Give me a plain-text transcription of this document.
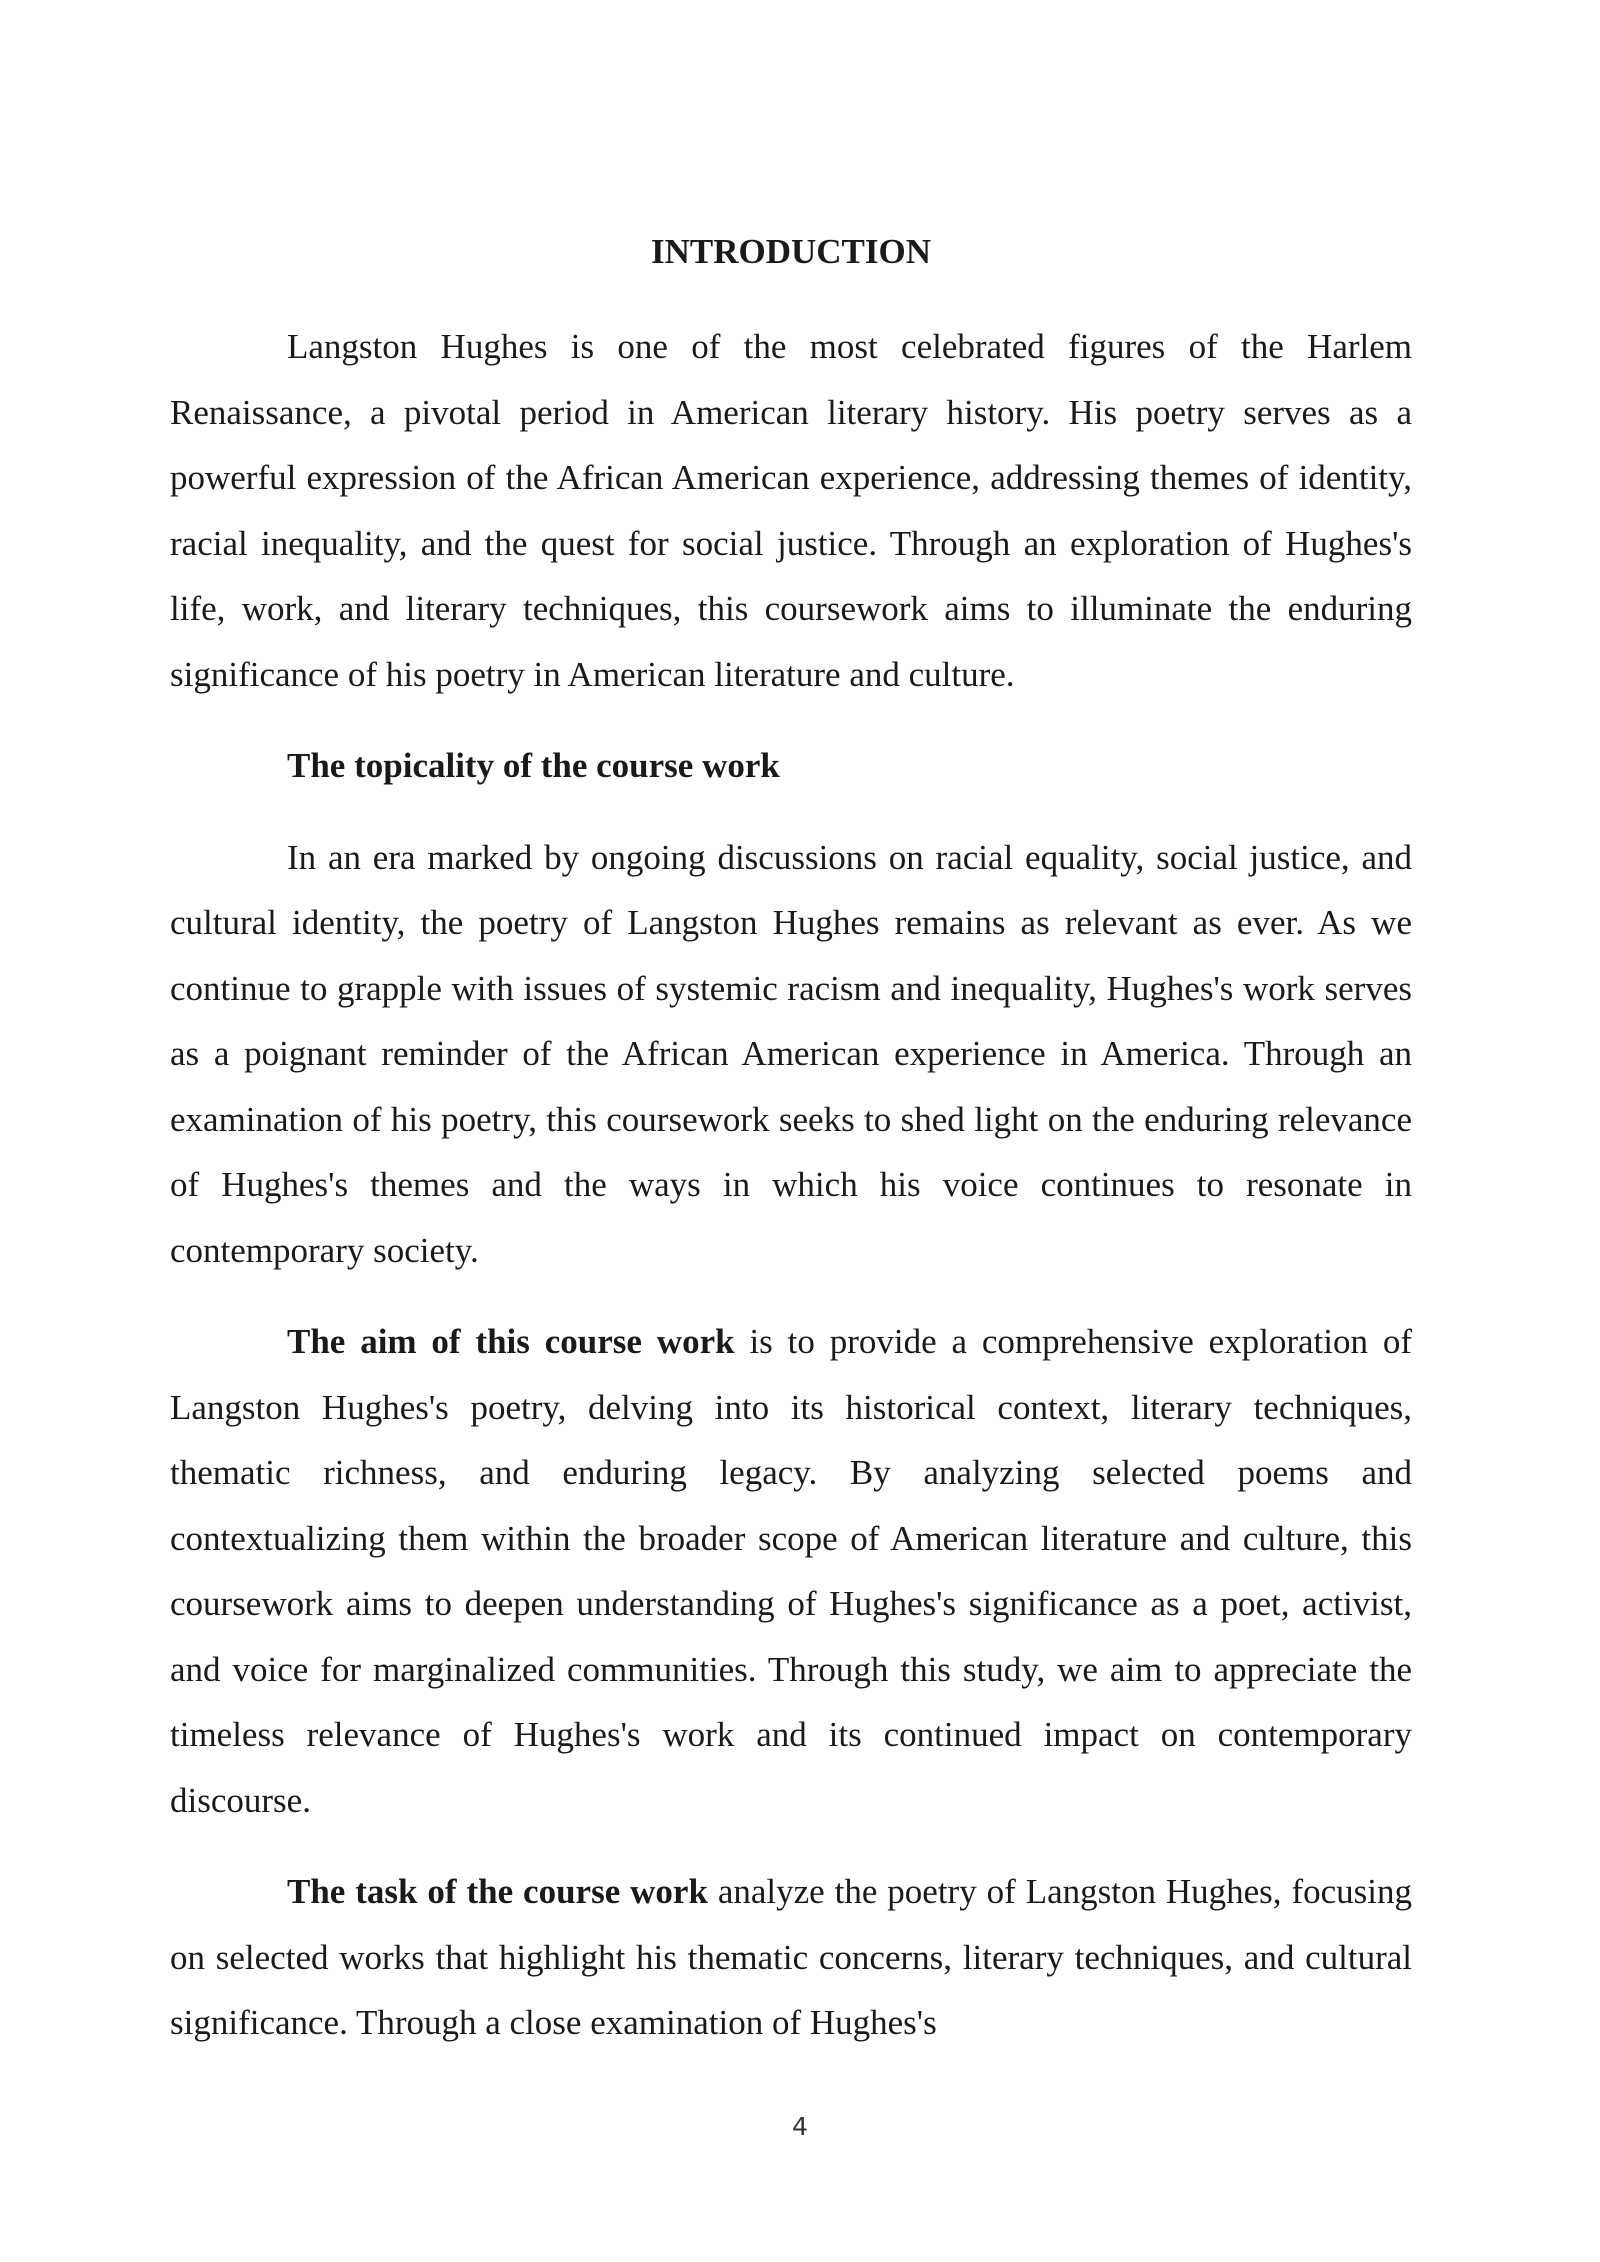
INTRODUCTION

Langston Hughes is one of the most celebrated figures of the Harlem Renaissance, a pivotal period in American literary history. His poetry serves as a powerful expression of the African American experience, addressing themes of identity, racial inequality, and the quest for social justice. Through an exploration of Hughes's life, work, and literary techniques, this coursework aims to illuminate the enduring significance of his poetry in American literature and culture.

The topicality of the course work

In an era marked by ongoing discussions on racial equality, social justice, and cultural identity, the poetry of Langston Hughes remains as relevant as ever. As we continue to grapple with issues of systemic racism and inequality, Hughes's work serves as a poignant reminder of the African American experience in America. Through an examination of his poetry, this coursework seeks to shed light on the enduring relevance of Hughes's themes and the ways in which his voice continues to resonate in contemporary society.

The aim of this course work is to provide a comprehensive exploration of Langston Hughes's poetry, delving into its historical context, literary techniques, thematic richness, and enduring legacy. By analyzing selected poems and contextualizing them within the broader scope of American literature and culture, this coursework aims to deepen understanding of Hughes's significance as a poet, activist, and voice for marginalized communities. Through this study, we aim to appreciate the timeless relevance of Hughes's work and its continued impact on contemporary discourse.

The task of the course work analyze the poetry of Langston Hughes, focusing on selected works that highlight his thematic concerns, literary techniques, and cultural significance. Through a close examination of Hughes's

4
